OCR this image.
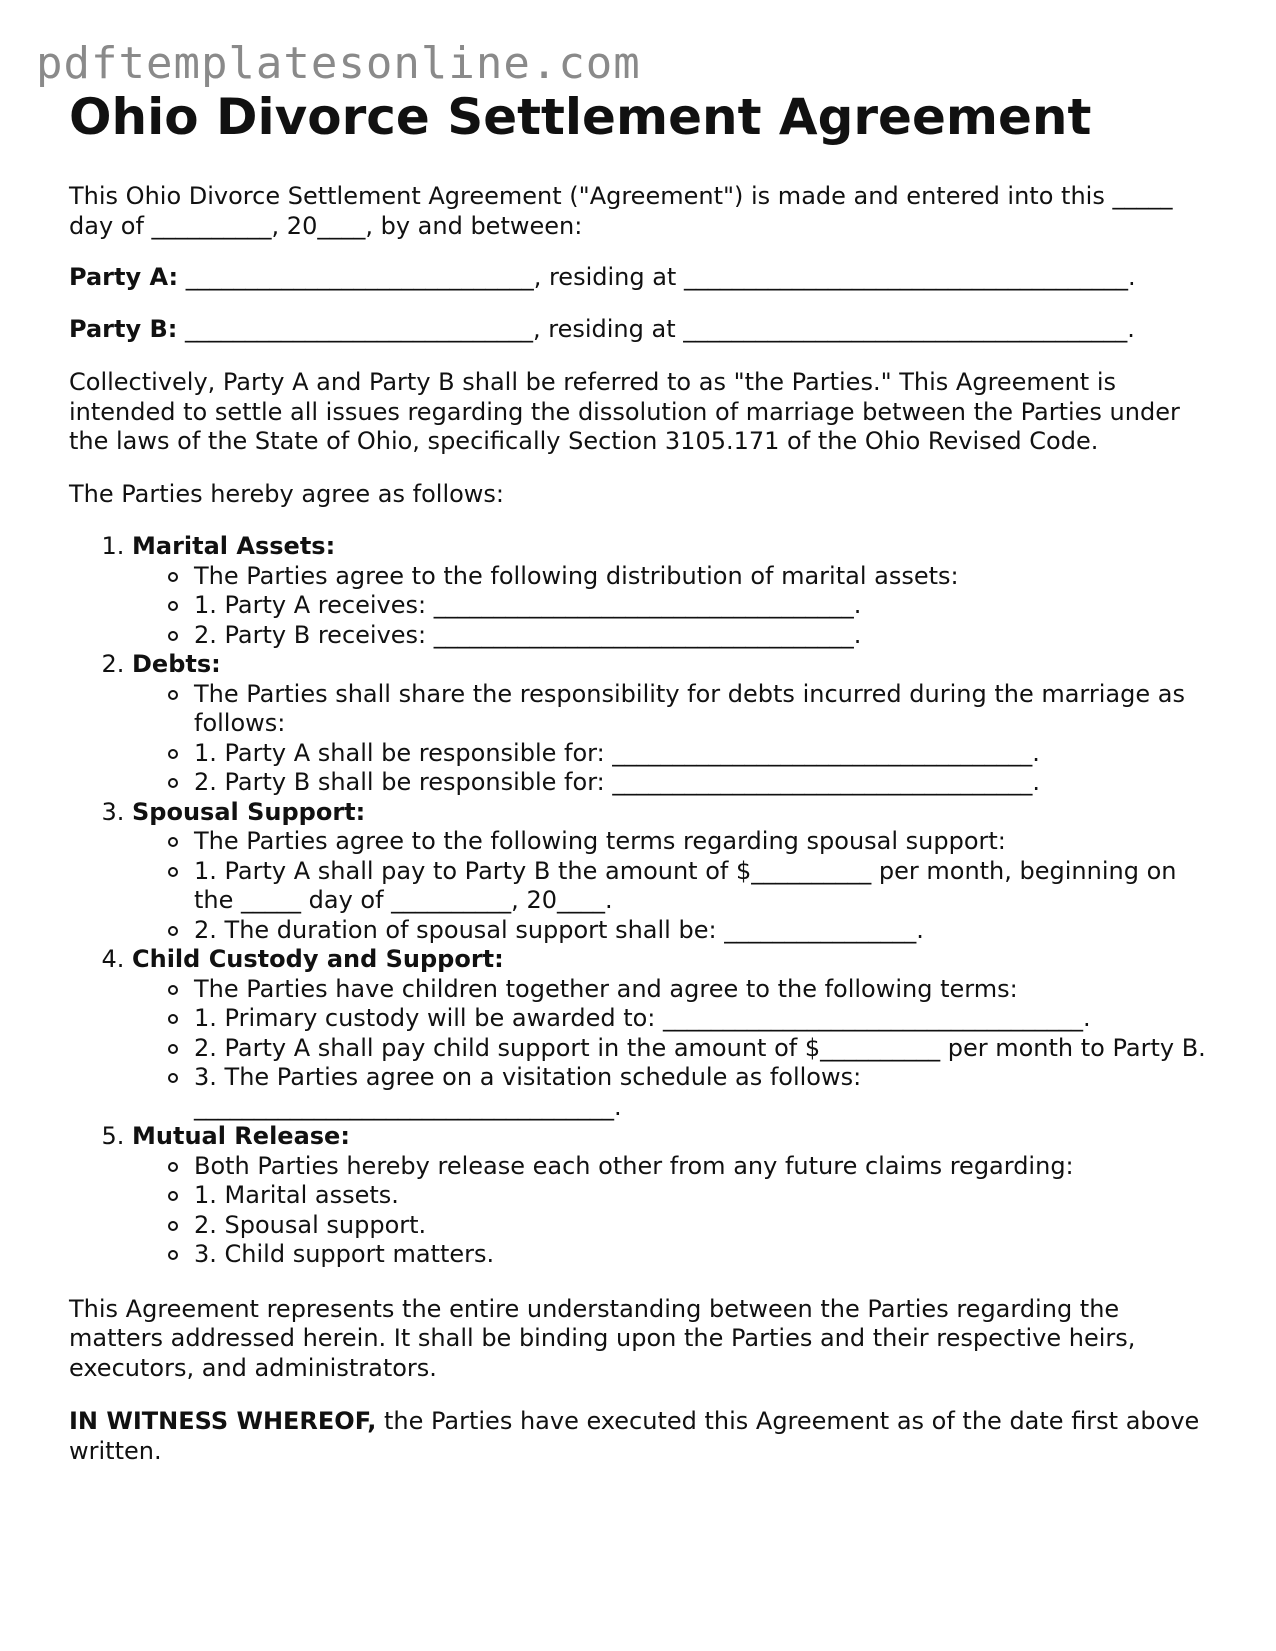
pdftemplatesonline.com
Ohio Divorce Settlement Agreement

This Ohio Divorce Settlement Agreement ("Agreement") is made and entered into this _____ day of __________, 20____, by and between:

Party A: _____________________________, residing at _____________________________________.

Party B: _____________________________, residing at _____________________________________.

Collectively, Party A and Party B shall be referred to as "the Parties." This Agreement is intended to settle all issues regarding the dissolution of marriage between the Parties under the laws of the State of Ohio, specifically Section 3105.171 of the Ohio Revised Code.

The Parties hereby agree as follows:

1. Marital Assets:
The Parties agree to the following distribution of marital assets:
1. Party A receives: ___________________________________.
2. Party B receives: ___________________________________.
2. Debts:
The Parties shall share the responsibility for debts incurred during the marriage as follows:
1. Party A shall be responsible for: ___________________________________.
2. Party B shall be responsible for: ___________________________________.
3. Spousal Support:
The Parties agree to the following terms regarding spousal support:
1. Party A shall pay to Party B the amount of $__________ per month, beginning on the _____ day of __________, 20____.
2. The duration of spousal support shall be: ________________.
4. Child Custody and Support:
The Parties have children together and agree to the following terms:
1. Primary custody will be awarded to: ___________________________________.
2. Party A shall pay child support in the amount of $__________ per month to Party B.
3. The Parties agree on a visitation schedule as follows: ___________________________________.
5. Mutual Release:
Both Parties hereby release each other from any future claims regarding:
1. Marital assets.
2. Spousal support.
3. Child support matters.

This Agreement represents the entire understanding between the Parties regarding the matters addressed herein. It shall be binding upon the Parties and their respective heirs, executors, and administrators.

IN WITNESS WHEREOF, the Parties have executed this Agreement as of the date first above written.
